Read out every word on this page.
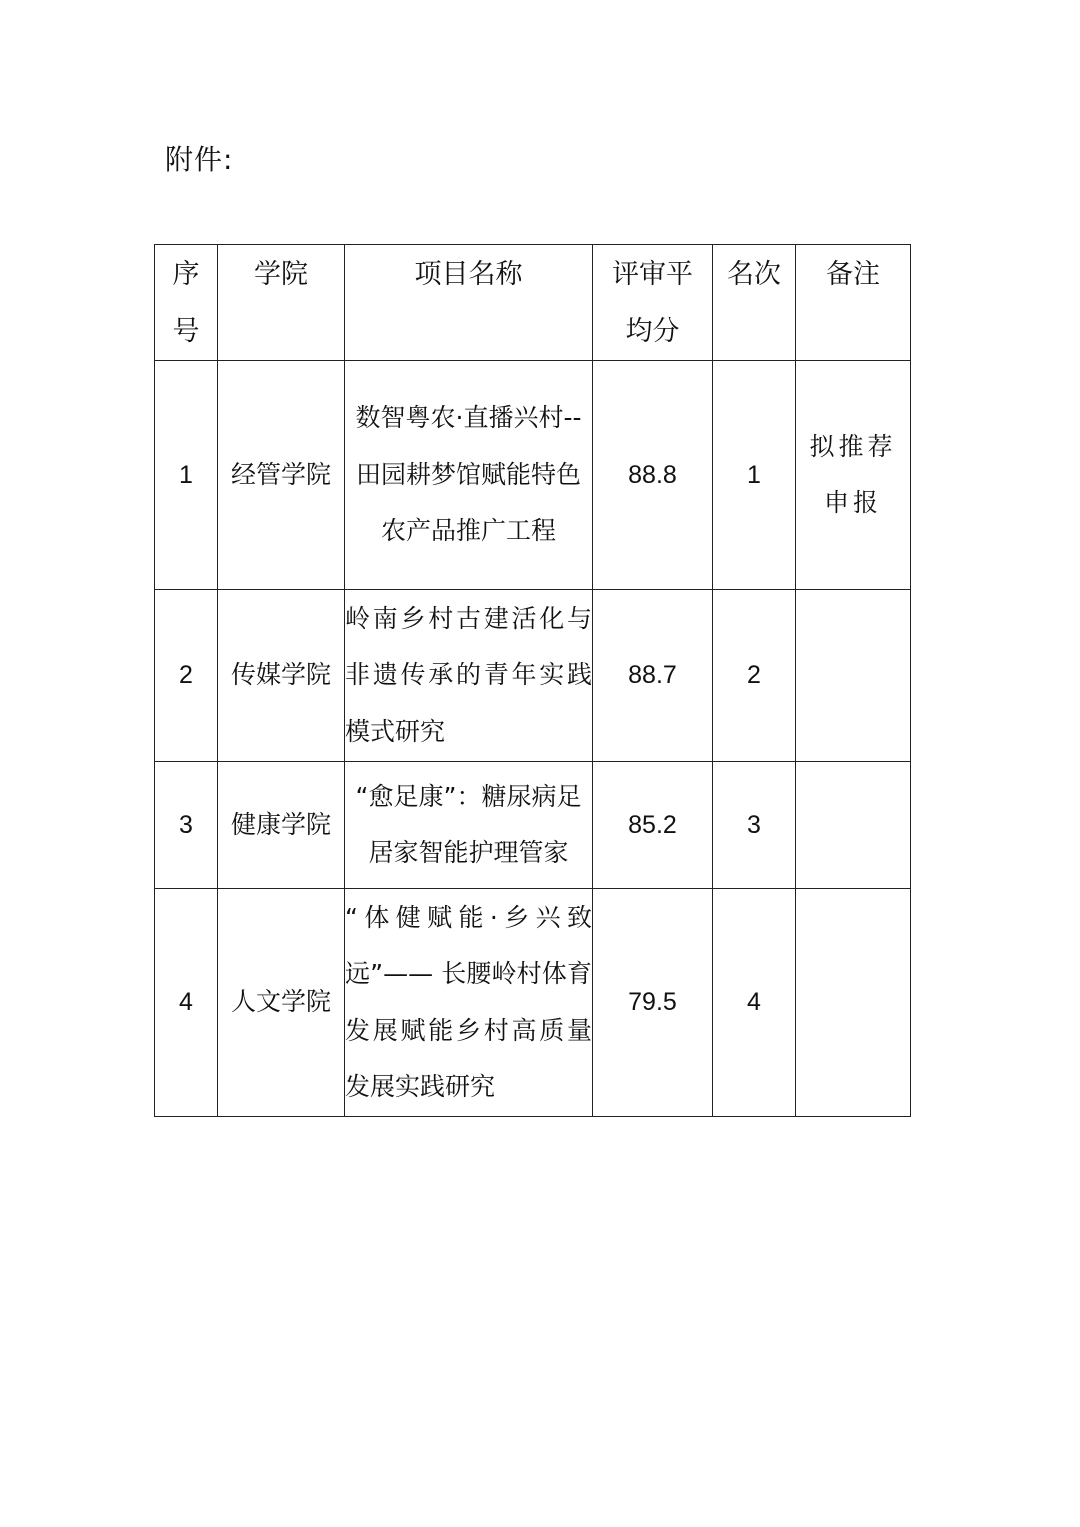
附件:
序号	学院	项目名称	评审平均分	名次	备注
1	经管学院	数智粤农·直播兴村--田园耕梦馆赋能特色农产品推广工程	88.8	1	拟推荐申报
2	传媒学院	岭南乡村古建活化与非遗传承的青年实践模式研究	88.7	2	
3	健康学院	“愈足康”：糖尿病足居家智能护理管家	85.2	3	
4	人文学院	“体健赋能·乡兴致远”—— 长腰岭村体育发展赋能乡村高质量发展实践研究	79.5	4	
